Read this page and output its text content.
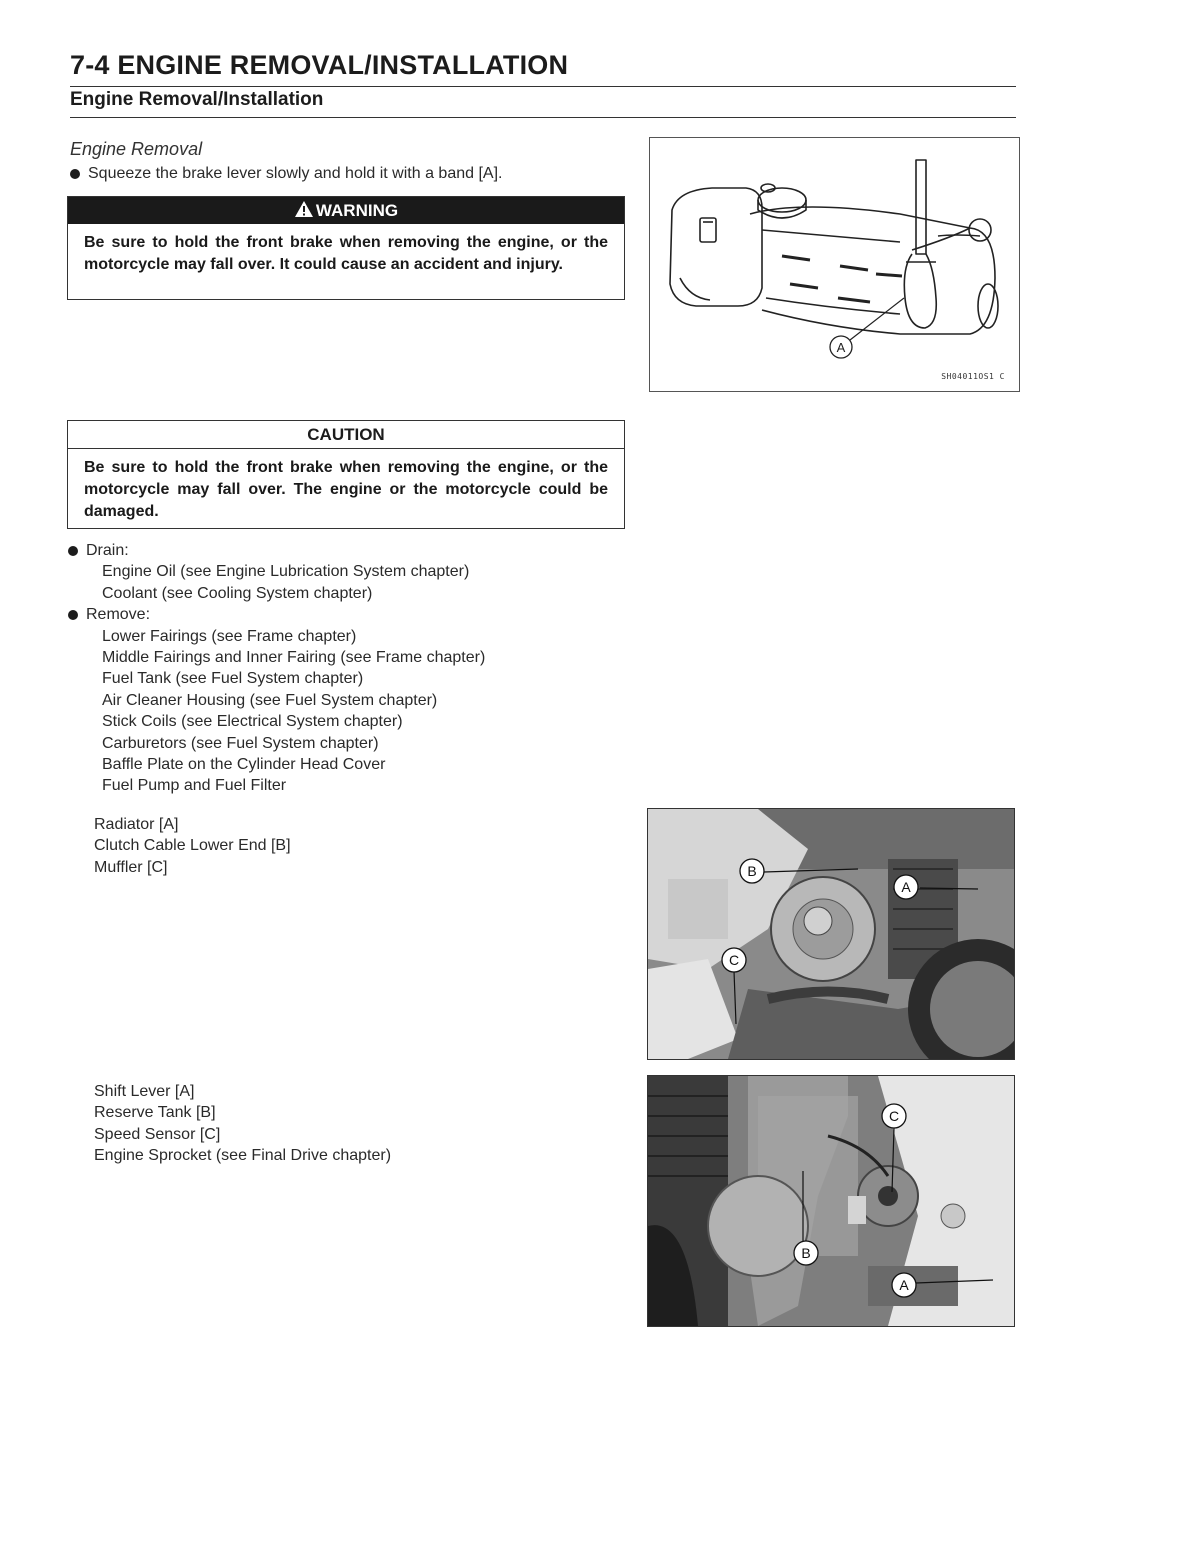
7-4 ENGINE REMOVAL/INSTALLATION
Engine Removal/Installation
Engine Removal
Squeeze the brake lever slowly and hold it with a band [A].
WARNING
Be sure to hold the front brake when removing the engine, or the motorcycle may fall over. It could cause an accident and injury.
A
SH04011OS1 C
CAUTION
Be sure to hold the front brake when removing the engine, or the motorcycle may fall over. The engine or the motorcycle could be damaged.
Drain:
Engine Oil (see Engine Lubrication System chapter)
Coolant (see Cooling System chapter)
Remove:
Lower Fairings (see Frame chapter)
Middle Fairings and Inner Fairing (see Frame chapter)
Fuel Tank (see Fuel System chapter)
Air Cleaner Housing (see Fuel System chapter)
Stick Coils (see Electrical System chapter)
Carburetors (see Fuel System chapter)
Baffle Plate on the Cylinder Head Cover
Fuel Pump and Fuel Filter
Radiator [A]
Clutch Cable Lower End [B]
Muffler [C]	B
A
C
Shift Lever [A]
Reserve Tank [B]
Speed Sensor [C]
Engine Sprocket (see Final Drive chapter)
C
B
A
